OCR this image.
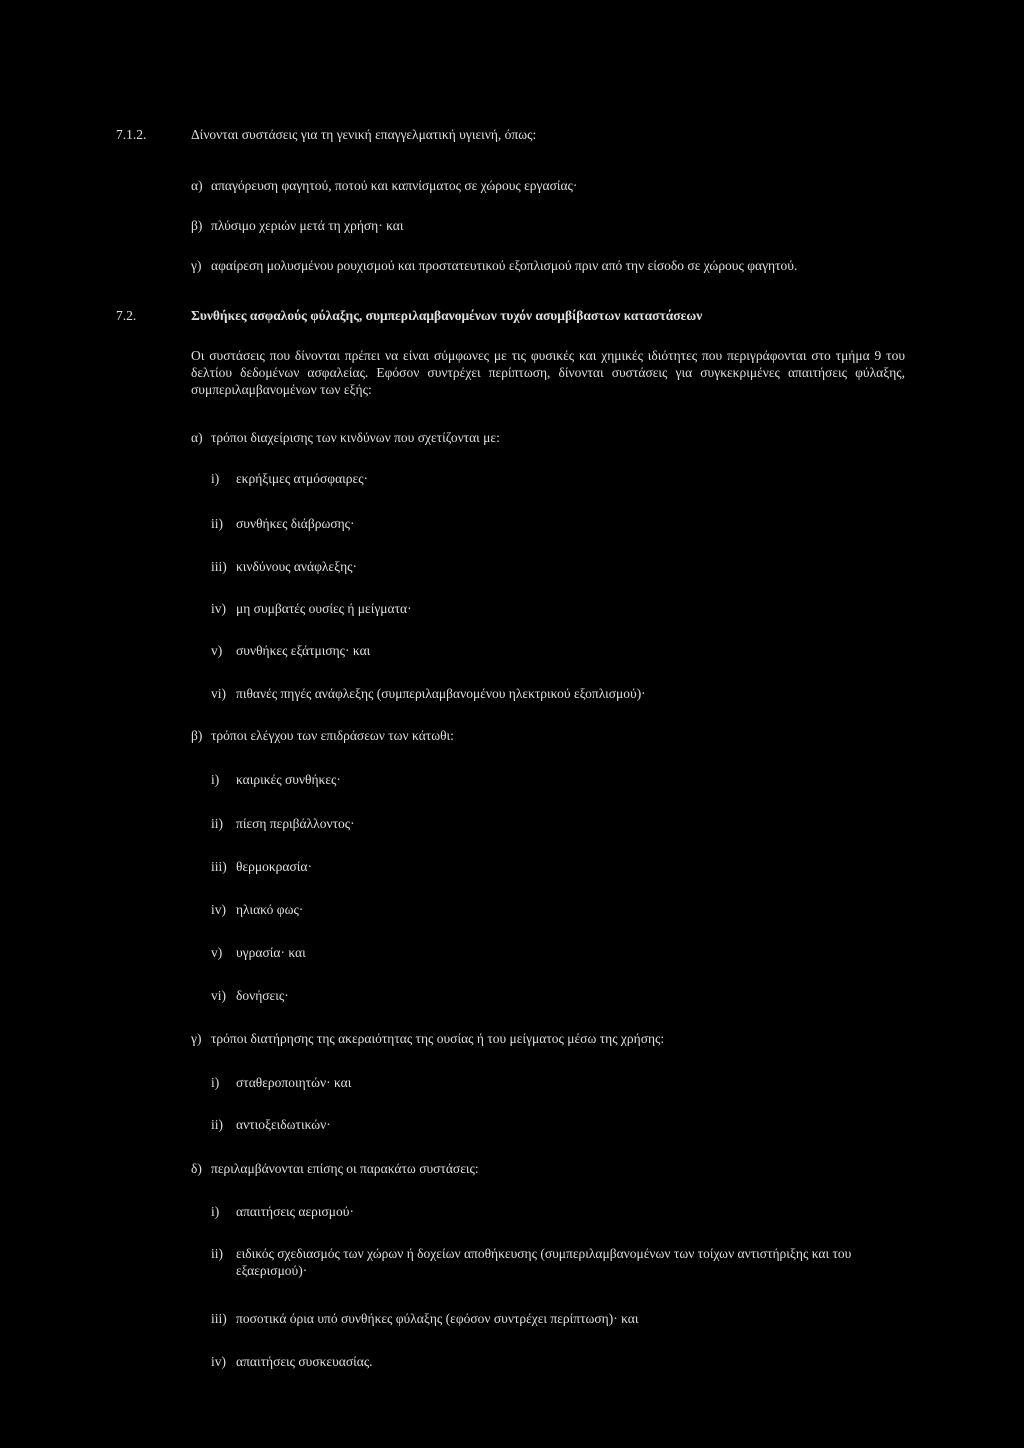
7.1.2.	Δίνονται συστάσεις για τη γενική επαγγελματική υγιεινή, όπως:
α) απαγόρευση φαγητού, ποτού και καπνίσματος σε χώρους εργασίας·
β) πλύσιμο χεριών μετά τη χρήση· και
γ) αφαίρεση μολυσμένου ρουχισμού και προστατευτικού εξοπλισμού πριν από την είσοδο σε χώρους φαγητού.
7.2.	Συνθήκες ασφαλούς φύλαξης, συμπεριλαμβανομένων τυχόν ασυμβίβαστων καταστάσεων
Οι συστάσεις που δίνονται πρέπει να είναι σύμφωνες με τις φυσικές και χημικές ιδιότητες που περιγράφονται στο τμήμα 9 του δελτίου δεδομένων ασφαλείας. Εφόσον συντρέχει περίπτωση, δίνονται συστάσεις για συγκεκριμένες απαιτήσεις φύλαξης, συμπεριλαμβανομένων των εξής:
α) τρόποι διαχείρισης των κινδύνων που σχετίζονται με:
i) εκρήξιμες ατμόσφαιρες·
ii) συνθήκες διάβρωσης·
iii) κινδύνους ανάφλεξης·
iv) μη συμβατές ουσίες ή μείγματα·
v) συνθήκες εξάτμισης· και
vi) πιθανές πηγές ανάφλεξης (συμπεριλαμβανομένου ηλεκτρικού εξοπλισμού)·
β) τρόποι ελέγχου των επιδράσεων των κάτωθι:
i) καιρικές συνθήκες·
ii) πίεση περιβάλλοντος·
iii) θερμοκρασία·
iv) ηλιακό φως·
v) υγρασία· και
vi) δονήσεις·
γ) τρόποι διατήρησης της ακεραιότητας της ουσίας ή του μείγματος μέσω της χρήσης:
i) σταθεροποιητών· και
ii) αντιοξειδωτικών·
δ) περιλαμβάνονται επίσης οι παρακάτω συστάσεις:
i) απαιτήσεις αερισμού·
ii) ειδικός σχεδιασμός των χώρων ή δοχείων αποθήκευσης (συμπεριλαμβανομένων των τοίχων αντιστήριξης και του εξαερισμού)·
iii) ποσοτικά όρια υπό συνθήκες φύλαξης (εφόσον συντρέχει περίπτωση)· και
iv) απαιτήσεις συσκευασίας.
